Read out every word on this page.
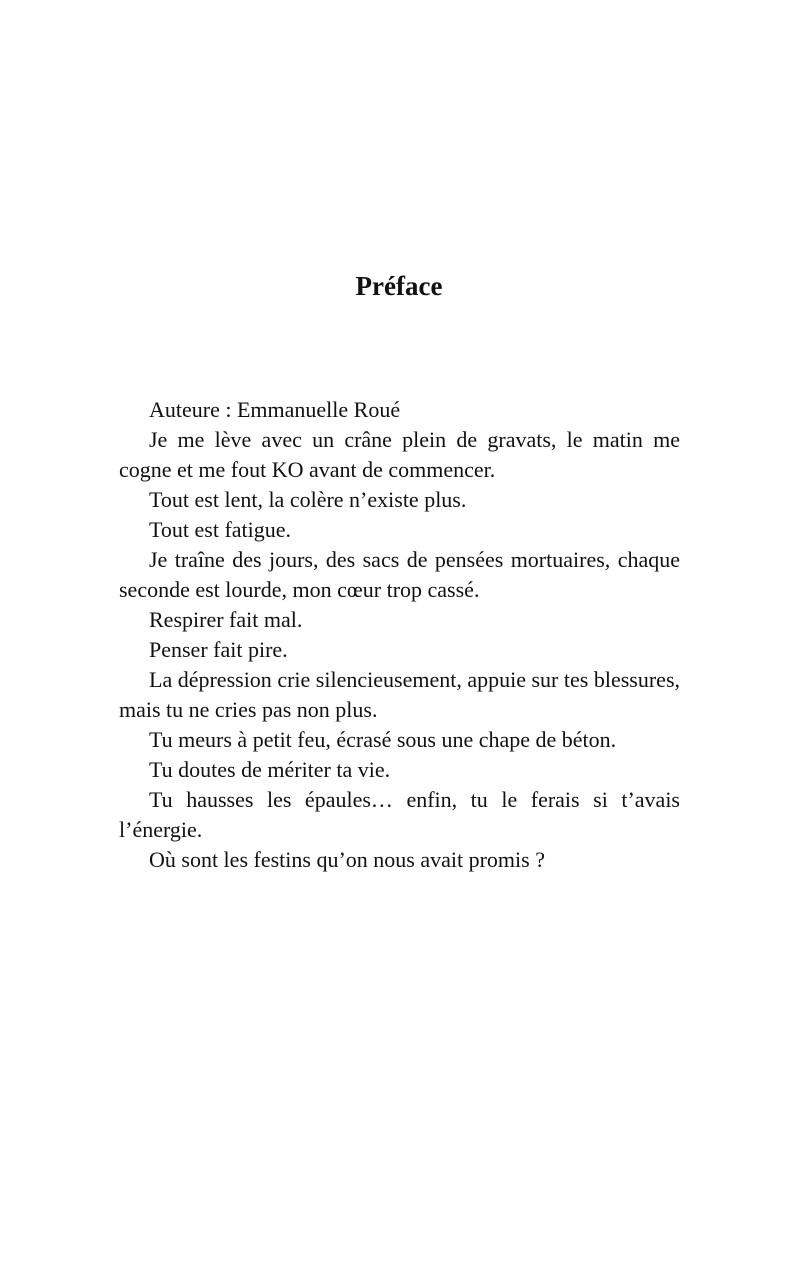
Préface

Auteure : Emmanuelle Roué

Je me lève avec un crâne plein de gravats, le matin me cogne et me fout KO avant de commencer.

Tout est lent, la colère n’existe plus.

Tout est fatigue.

Je traîne des jours, des sacs de pensées mortuaires, chaque seconde est lourde, mon cœur trop cassé.

Respirer fait mal.

Penser fait pire.

La dépression crie silencieusement, appuie sur tes blessures, mais tu ne cries pas non plus.

Tu meurs à petit feu, écrasé sous une chape de béton.

Tu doutes de mériter ta vie.

Tu hausses les épaules… enfin, tu le ferais si t’avais l’énergie.

Où sont les festins qu’on nous avait promis ?
